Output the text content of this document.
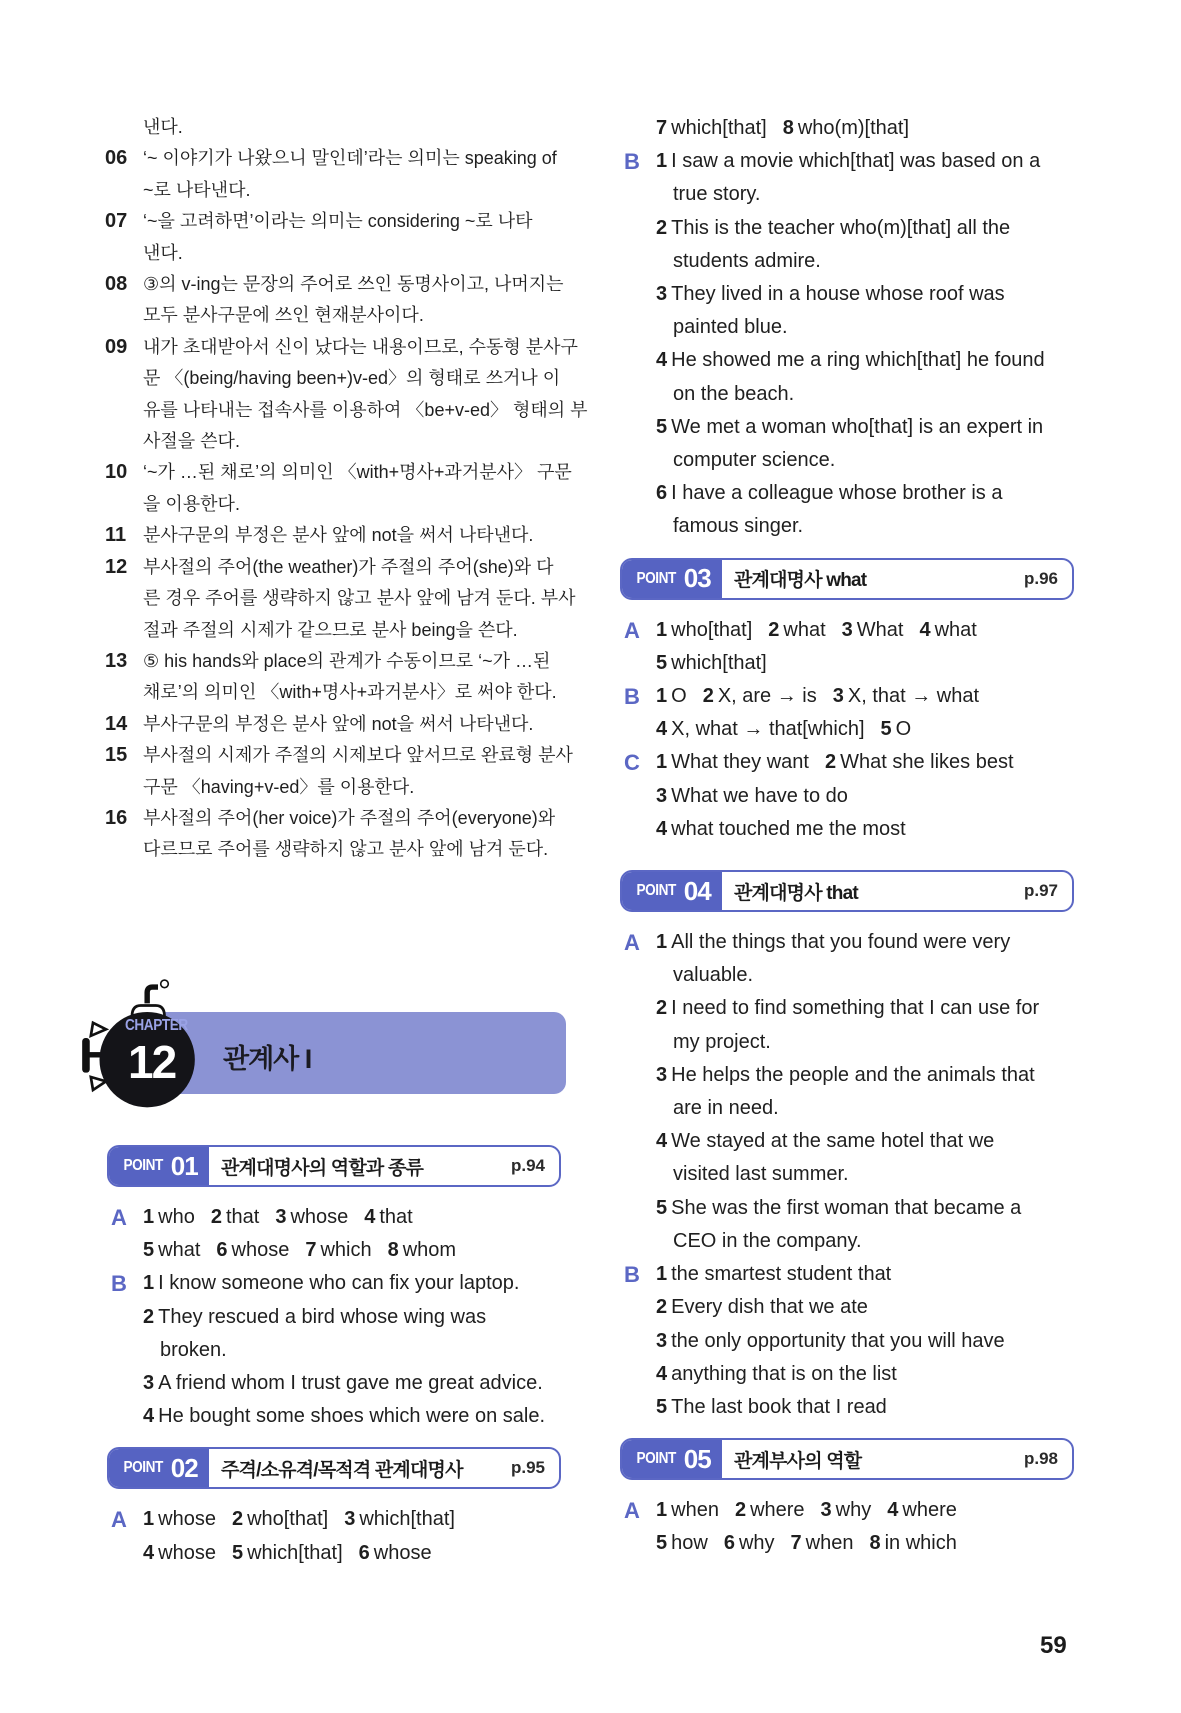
낸다.
06 ‘~ 이야기가 나왔으니 말인데’라는 의미는 speaking of
~로 나타낸다.
07 ‘~을 고려하면’이라는 의미는 considering ~로 나타
낸다.
08 ③의 v-ing는 문장의 주어로 쓰인 동명사이고, 나머지는
모두 분사구문에 쓰인 현재분사이다.
09 내가 초대받아서 신이 났다는 내용이므로, 수동형 분사구
문 〈(being/having been+)v-ed〉의 형태로 쓰거나 이
유를 나타내는 접속사를 이용하여 〈be+v-ed〉 형태의 부
사절을 쓴다.
10 ‘~가 …된 채로’의 의미인 〈with+명사+과거분사〉 구문
을 이용한다.
11 분사구문의 부정은 분사 앞에 not을 써서 나타낸다.
12 부사절의 주어(the weather)가 주절의 주어(she)와 다
른 경우 주어를 생략하지 않고 분사 앞에 남겨 둔다. 부사
절과 주절의 시제가 같으므로 분사 being을 쓴다.
13 ⑤ his hands와 place의 관계가 수동이므로 ‘~가 …된
채로’의 의미인 〈with+명사+과거분사〉로 써야 한다.
14 부사구문의 부정은 분사 앞에 not을 써서 나타낸다.
15 부사절의 시제가 주절의 시제보다 앞서므로 완료형 분사
구문 〈having+v-ed〉를 이용한다.
16 부사절의 주어(her voice)가 주절의 주어(everyone)와
다르므로 주어를 생략하지 않고 분사 앞에 남겨 둔다.
CHAPTER
12 관계사 I
POINT 01	관계대명사의 역할과 종류	p.94
A 1 who 2 that 3 whose 4 that
5 what 6 whose 7 which 8 whom
B 1 I know someone who can fix your laptop.
2 They rescued a bird whose wing was
broken.
3 A friend whom I trust gave me great advice.
4 He bought some shoes which were on sale.
POINT 02	주격/소유격/목적격 관계대명사	p.95
A 1 whose 2 who[that] 3 which[that]
4 whose 5 which[that] 6 whose
7 which[that] 8 who(m)[that]
B 1 I saw a movie which[that] was based on a
true story.
2 This is the teacher who(m)[that] all the
students admire.
3 They lived in a house whose roof was
painted blue.
4 He showed me a ring which[that] he found
on the beach.
5 We met a woman who[that] is an expert in
computer science.
6 I have a colleague whose brother is a
famous singer.
POINT 03	관계대명사 what	p.96
A 1 who[that] 2 what 3 What 4 what
5 which[that]
B 1 O 2 X, are → is 3 X, that → what
4 X, what → that[which] 5 O
C 1 What they want 2 What she likes best
3 What we have to do
4 what touched me the most
POINT 04	관계대명사 that	p.97
A 1 All the things that you found were very
valuable.
2 I need to find something that I can use for
my project.
3 He helps the people and the animals that
are in need.
4 We stayed at the same hotel that we
visited last summer.
5 She was the first woman that became a
CEO in the company.
B 1 the smartest student that
2 Every dish that we ate
3 the only opportunity that you will have
4 anything that is on the list
5 The last book that I read
POINT 05	관계부사의 역할	p.98
A 1 when 2 where 3 why 4 where
5 how 6 why 7 when 8 in which
59
